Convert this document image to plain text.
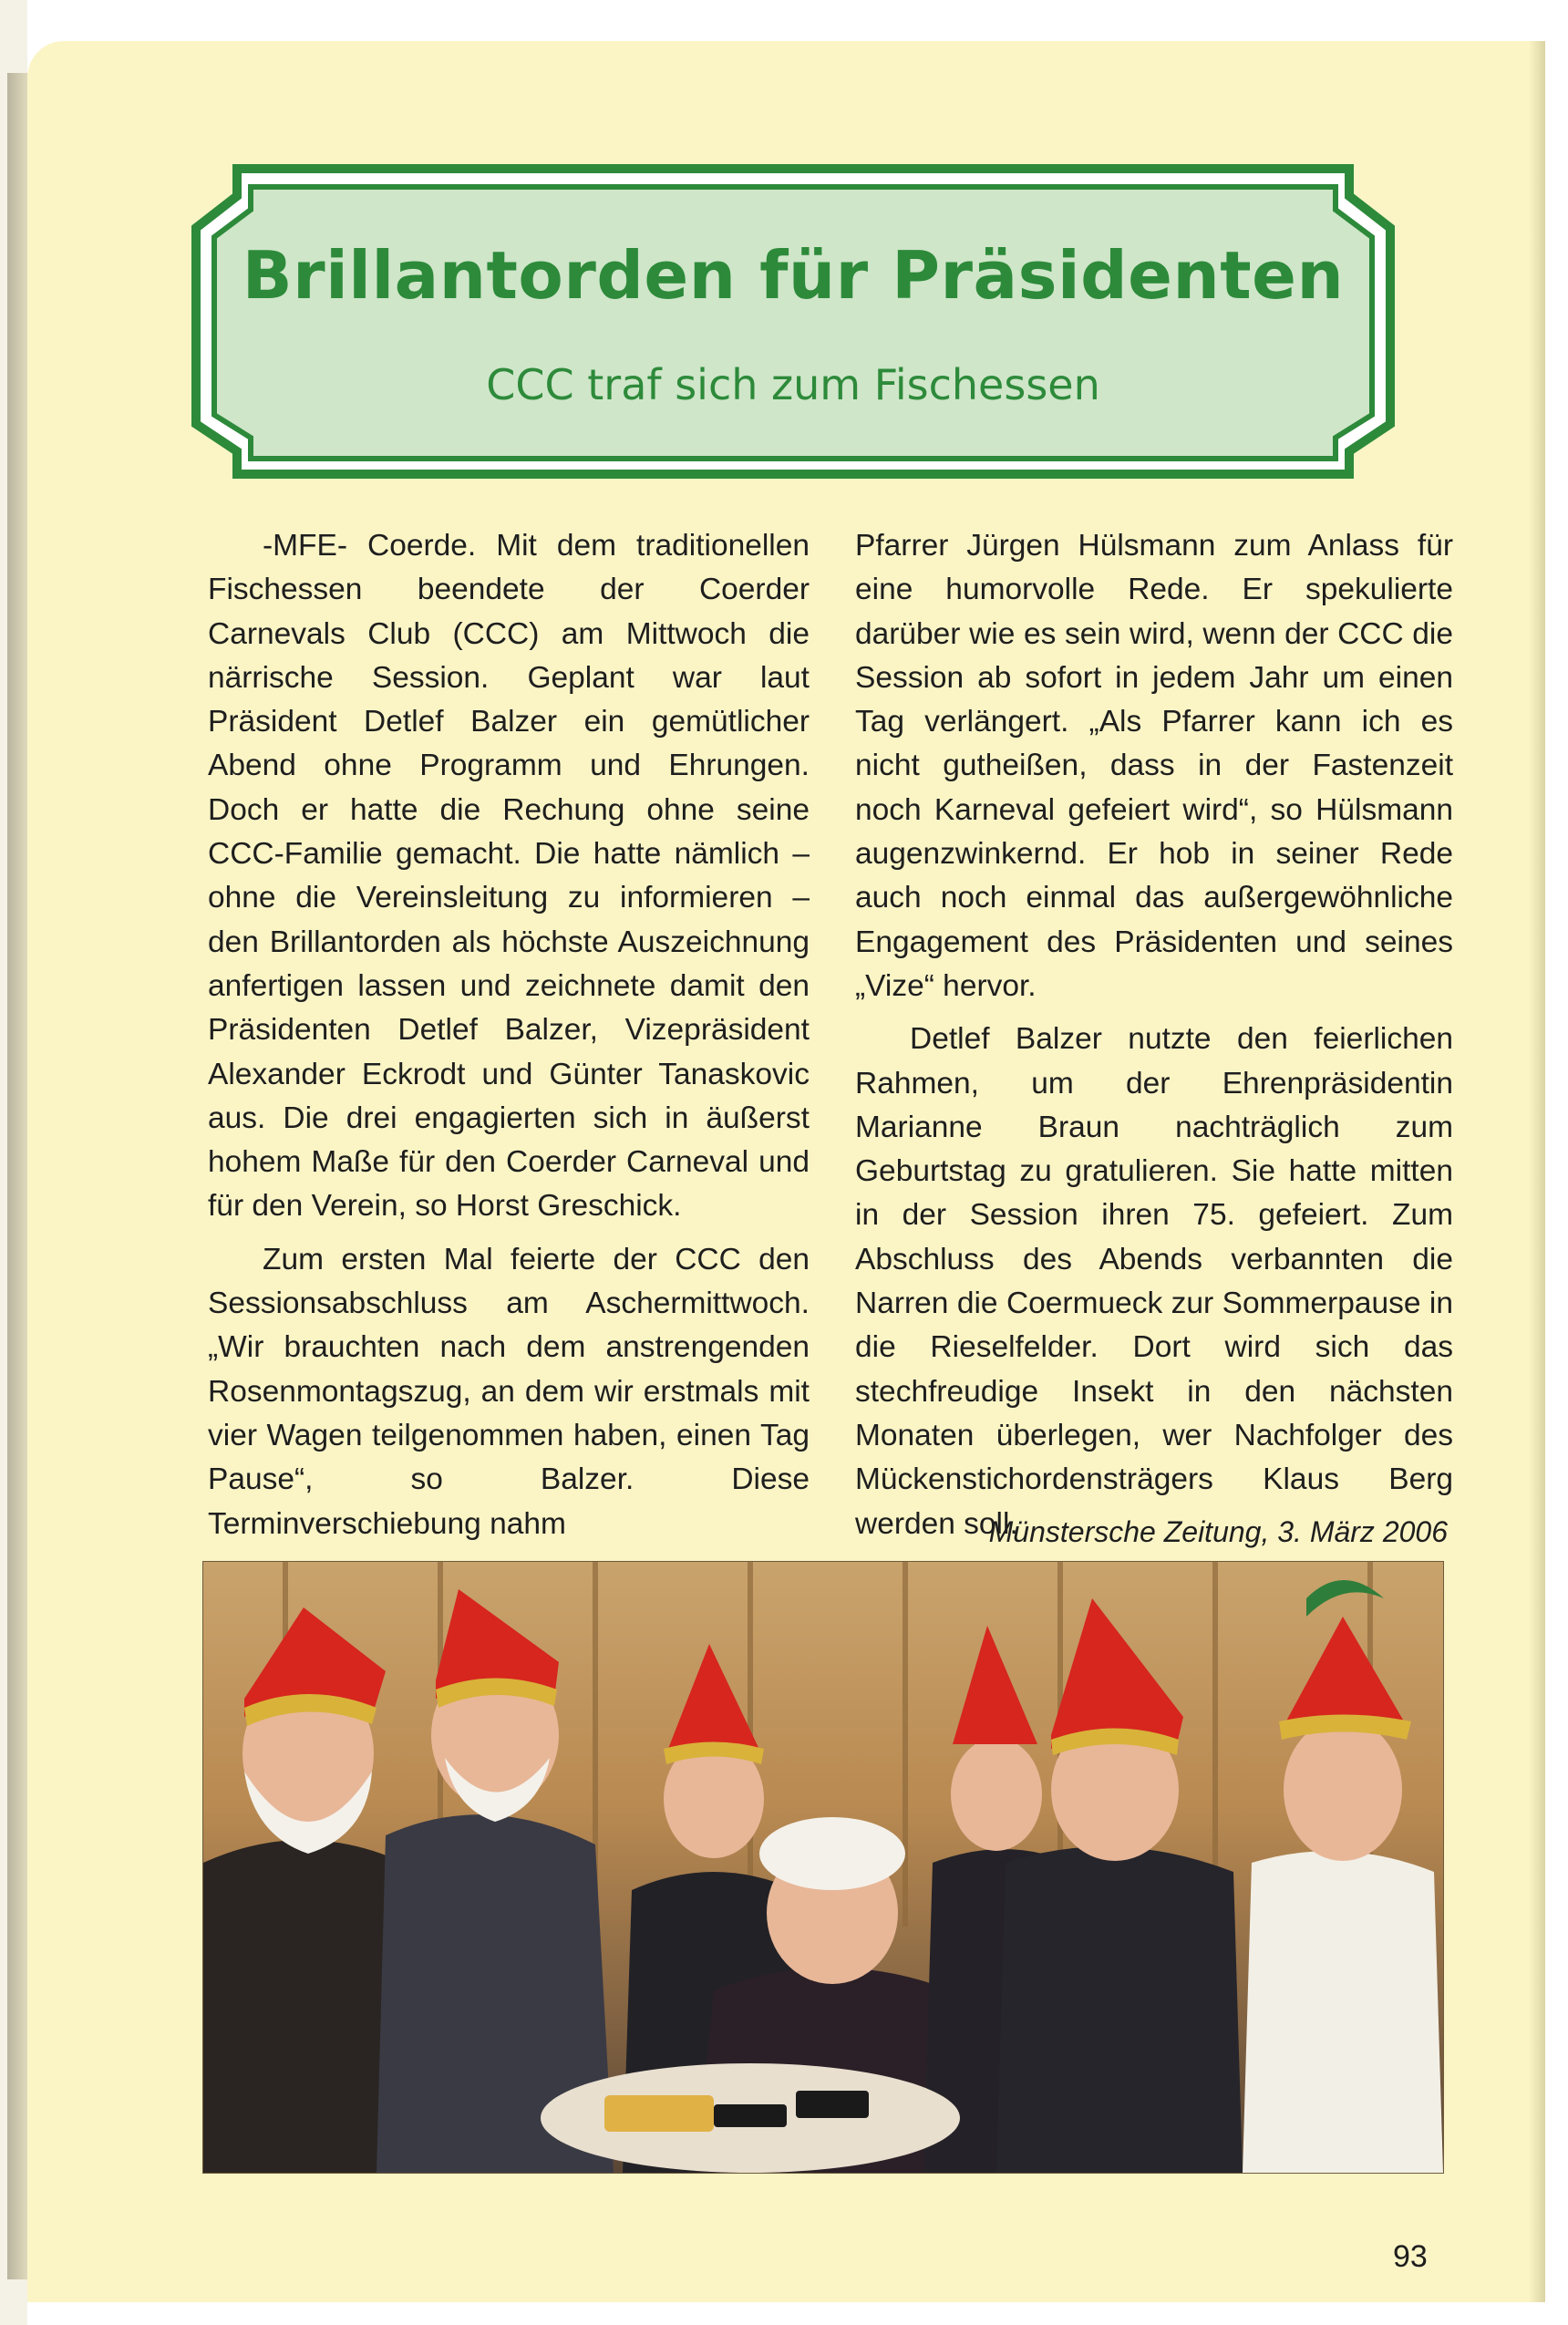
Brillantorden für Präsidenten
CCC traf sich zum Fischessen

-MFE- Coerde. Mit dem traditionellen Fischessen beendete der Coerder Carnevals Club (CCC) am Mittwoch die närrische Session. Geplant war laut Präsident Detlef Balzer ein gemütlicher Abend ohne Programm und Ehrungen. Doch er hatte die Rechung ohne seine CCC-Familie gemacht. Die hatte nämlich – ohne die Vereinsleitung zu informieren – den Brillantorden als höchste Auszeichnung anfertigen lassen und zeichnete damit den Präsidenten Detlef Balzer, Vizepräsident Alexander Eckrodt und Günter Tanaskovic aus. Die drei engagierten sich in äußerst hohem Maße für den Coerder Carneval und für den Verein, so Horst Greschick.

Zum ersten Mal feierte der CCC den Sessionsabschluss am Aschermittwoch. „Wir brauchten nach dem anstrengenden Rosenmontagszug, an dem wir erstmals mit vier Wagen teilgenommen haben, einen Tag Pause“, so Balzer. Diese Terminverschiebung nahm

Pfarrer Jürgen Hülsmann zum Anlass für eine humorvolle Rede. Er spekulierte darüber wie es sein wird, wenn der CCC die Session ab sofort in jedem Jahr um einen Tag verlängert. „Als Pfarrer kann ich es nicht gutheißen, dass in der Fastenzeit noch Karneval gefeiert wird“, so Hülsmann augenzwinkernd. Er hob in seiner Rede auch noch einmal das außergewöhnliche Engagement des Präsidenten und seines „Vize“ hervor.

Detlef Balzer nutzte den feierlichen Rahmen, um der Ehrenpräsidentin Marianne Braun nachträglich zum Geburtstag zu gratulieren. Sie hatte mitten in der Session ihren 75. gefeiert. Zum Abschluss des Abends verbannten die Narren die Coermueck zur Sommerpause in die Rieselfelder. Dort wird sich das stechfreudige Insekt in den nächsten Monaten überlegen, wer Nachfolger des Mückenstichordensträgers Klaus Berg werden soll.

Münstersche Zeitung, 3. März 2006
93
